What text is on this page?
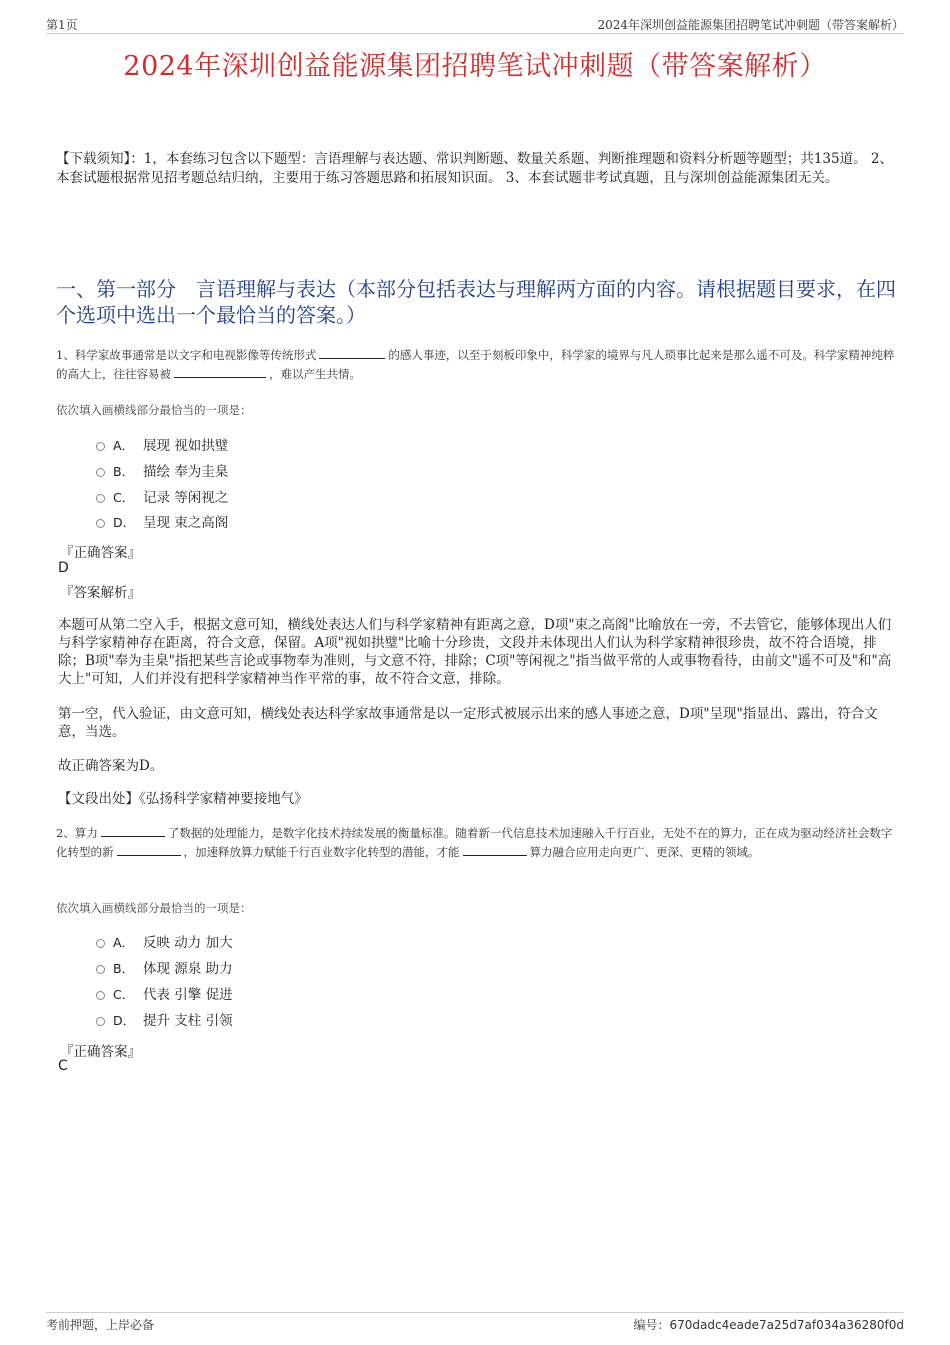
第1页	2024年深圳创益能源集团招聘笔试冲刺题（带答案解析）
2024年深圳创益能源集团招聘笔试冲刺题（带答案解析）
【下载须知】：1，本套练习包含以下题型：言语理解与表达题、常识判断题、数量关系题、判断推理题和资料分析题等题型；共135道。 2、本套试题根据常见招考题总结归纳，主要用于练习答题思路和拓展知识面。 3、本套试题非考试真题，且与深圳创益能源集团无关。
一、第一部分　言语理解与表达（本部分包括表达与理解两方面的内容。请根据题目要求，在四个选项中选出一个最恰当的答案。）
1、科学家故事通常是以文字和电视影像等传统形式	的感人事迹，以至于刻板印象中，科学家的境界与凡人琐事比起来是那么遥不可及。科学家精神纯粹的高大上，往往容易被	，难以产生共情。
依次填入画横线部分最恰当的一项是：
A． 展现 视如拱璧
B． 描绘 奉为圭臬
C． 记录 等闲视之
D． 呈现 束之高阁
『正确答案』
D
『答案解析』
本题可从第二空入手，根据文意可知，横线处表达人们与科学家精神有距离之意，D项"束之高阁"比喻放在一旁，不去管它，能够体现出人们与科学家精神存在距离，符合文意，保留。A项"视如拱璧"比喻十分珍贵，文段并未体现出人们认为科学家精神很珍贵，故不符合语境，排除；B项"奉为圭臬"指把某些言论或事物奉为准则，与文意不符，排除；C项"等闲视之"指当做平常的人或事物看待，由前文"遥不可及"和"高大上"可知，人们并没有把科学家精神当作平常的事，故不符合文意，排除。
第一空，代入验证，由文意可知，横线处表达科学家故事通常是以一定形式被展示出来的感人事迹之意，D项"呈现"指显出、露出，符合文意，当选。
故正确答案为D。
【文段出处】《弘扬科学家精神要接地气》
2、算力	了数据的处理能力，是数字化技术持续发展的衡量标准。随着新一代信息技术加速融入千行百业，无处不在的算力，正在成为驱动经济社会数字化转型的新	，加速释放算力赋能千行百业数字化转型的潜能，才能	算力融合应用走向更广、更深、更精的领域。
依次填入画横线部分最恰当的一项是：
A． 反映 动力 加大
B． 体现 源泉 助力
C． 代表 引擎 促进
D． 提升 支柱 引领
『正确答案』
C
考前押题，上岸必备	编号：670dadc4eade7a25d7af034a36280f0d
